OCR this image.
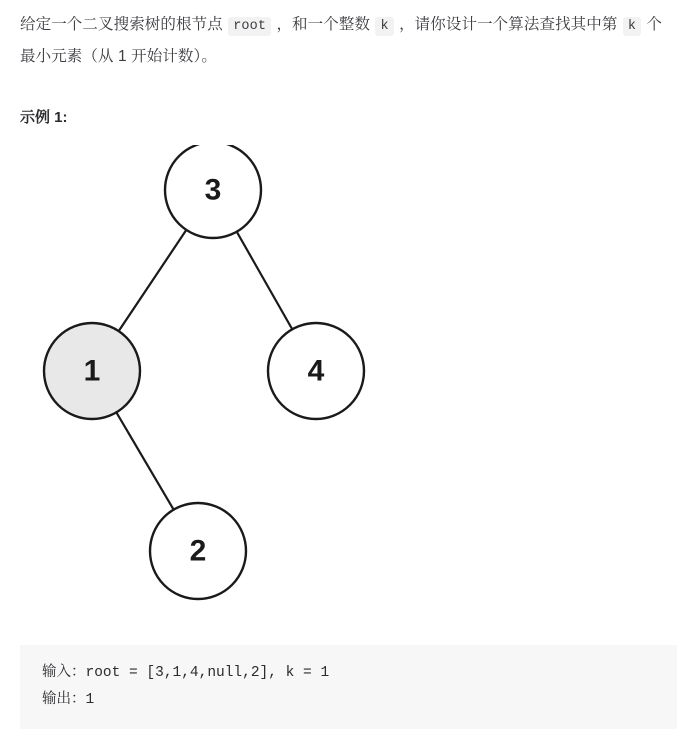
给定一个二叉搜索树的根节点 root ，和一个整数 k ，请你设计一个算法查找其中第 k 个最小元素（从 1 开始计数）。
示例 1:
3
1	4
2
输入：root = [3,1,4,null,2], k = 1
输出：1
